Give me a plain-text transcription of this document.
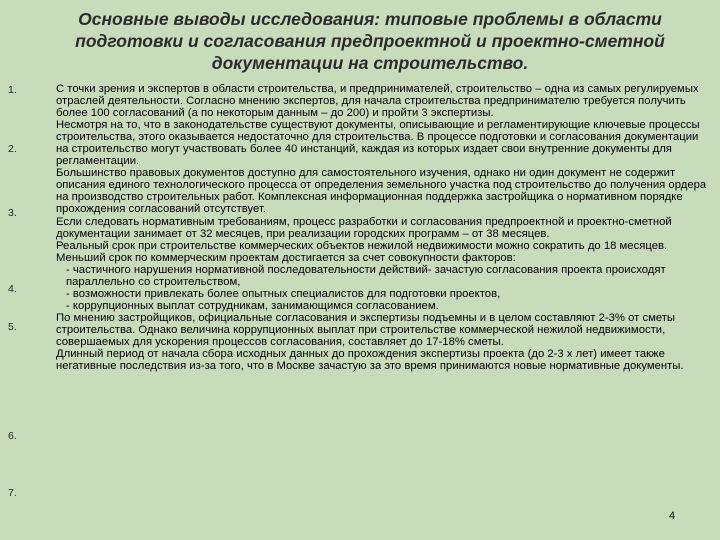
Основные выводы исследования: типовые проблемы в области подготовки и согласования предпроектной и проектно-сметной документации на строительство.
1.
2.
3.
4.
5.
6.
7.
С точки зрения и экспертов в области строительства, и предпринимателей, строительство – одна из самых регулируемых отраслей деятельности. Согласно мнению экспертов, для начала строительства предпринимателю требуется получить более 100 согласований (а по некоторым данным – до 200) и пройти 3 экспертизы.
Несмотря на то, что в законодательстве существуют документы, описывающие и регламентирующие ключевые процессы строительства, этого оказывается недостаточно для строительства. В процессе подготовки и согласования документации на строительство могут участвовать более 40 инстанций, каждая из которых издает свои внутренние документы для регламентации.
Большинство правовых документов доступно для самостоятельного изучения, однако ни один документ не содержит описания единого технологического процесса от определения земельного участка под строительство до получения ордера на производство строительных работ. Комплексная информационная поддержка застройщика о нормативном порядке прохождения согласований отсутствует.
Если следовать нормативным требованиям, процесс разработки и согласования предпроектной и проектно-сметной документации занимает от 32 месяцев, при реализации городских программ – от 38 месяцев.
Реальный срок при строительстве коммерческих объектов нежилой недвижимости можно сократить до 18 месяцев. Меньший срок по коммерческим проектам достигается за счет совокупности факторов:
- частичного нарушения нормативной последовательности действий- зачастую согласования проекта происходят параллельно со строительством,
- возможности привлекать более опытных специалистов для подготовки проектов,
- коррупционных выплат сотрудникам, занимающимся согласованием.
По мнению застройщиков, официальные согласования и экспертизы подъемны и в целом составляют 2-3% от сметы строительства. Однако величина коррупционных выплат при строительстве коммерческой нежилой недвижимости, совершаемых для ускорения процессов согласования, составляет до 17-18% сметы.
Длинный период от начала сбора исходных данных до прохождения экспертизы проекта (до 2-3 х лет) имеет также негативные последствия из-за того, что в Москве зачастую за это время принимаются новые нормативные документы.
4
